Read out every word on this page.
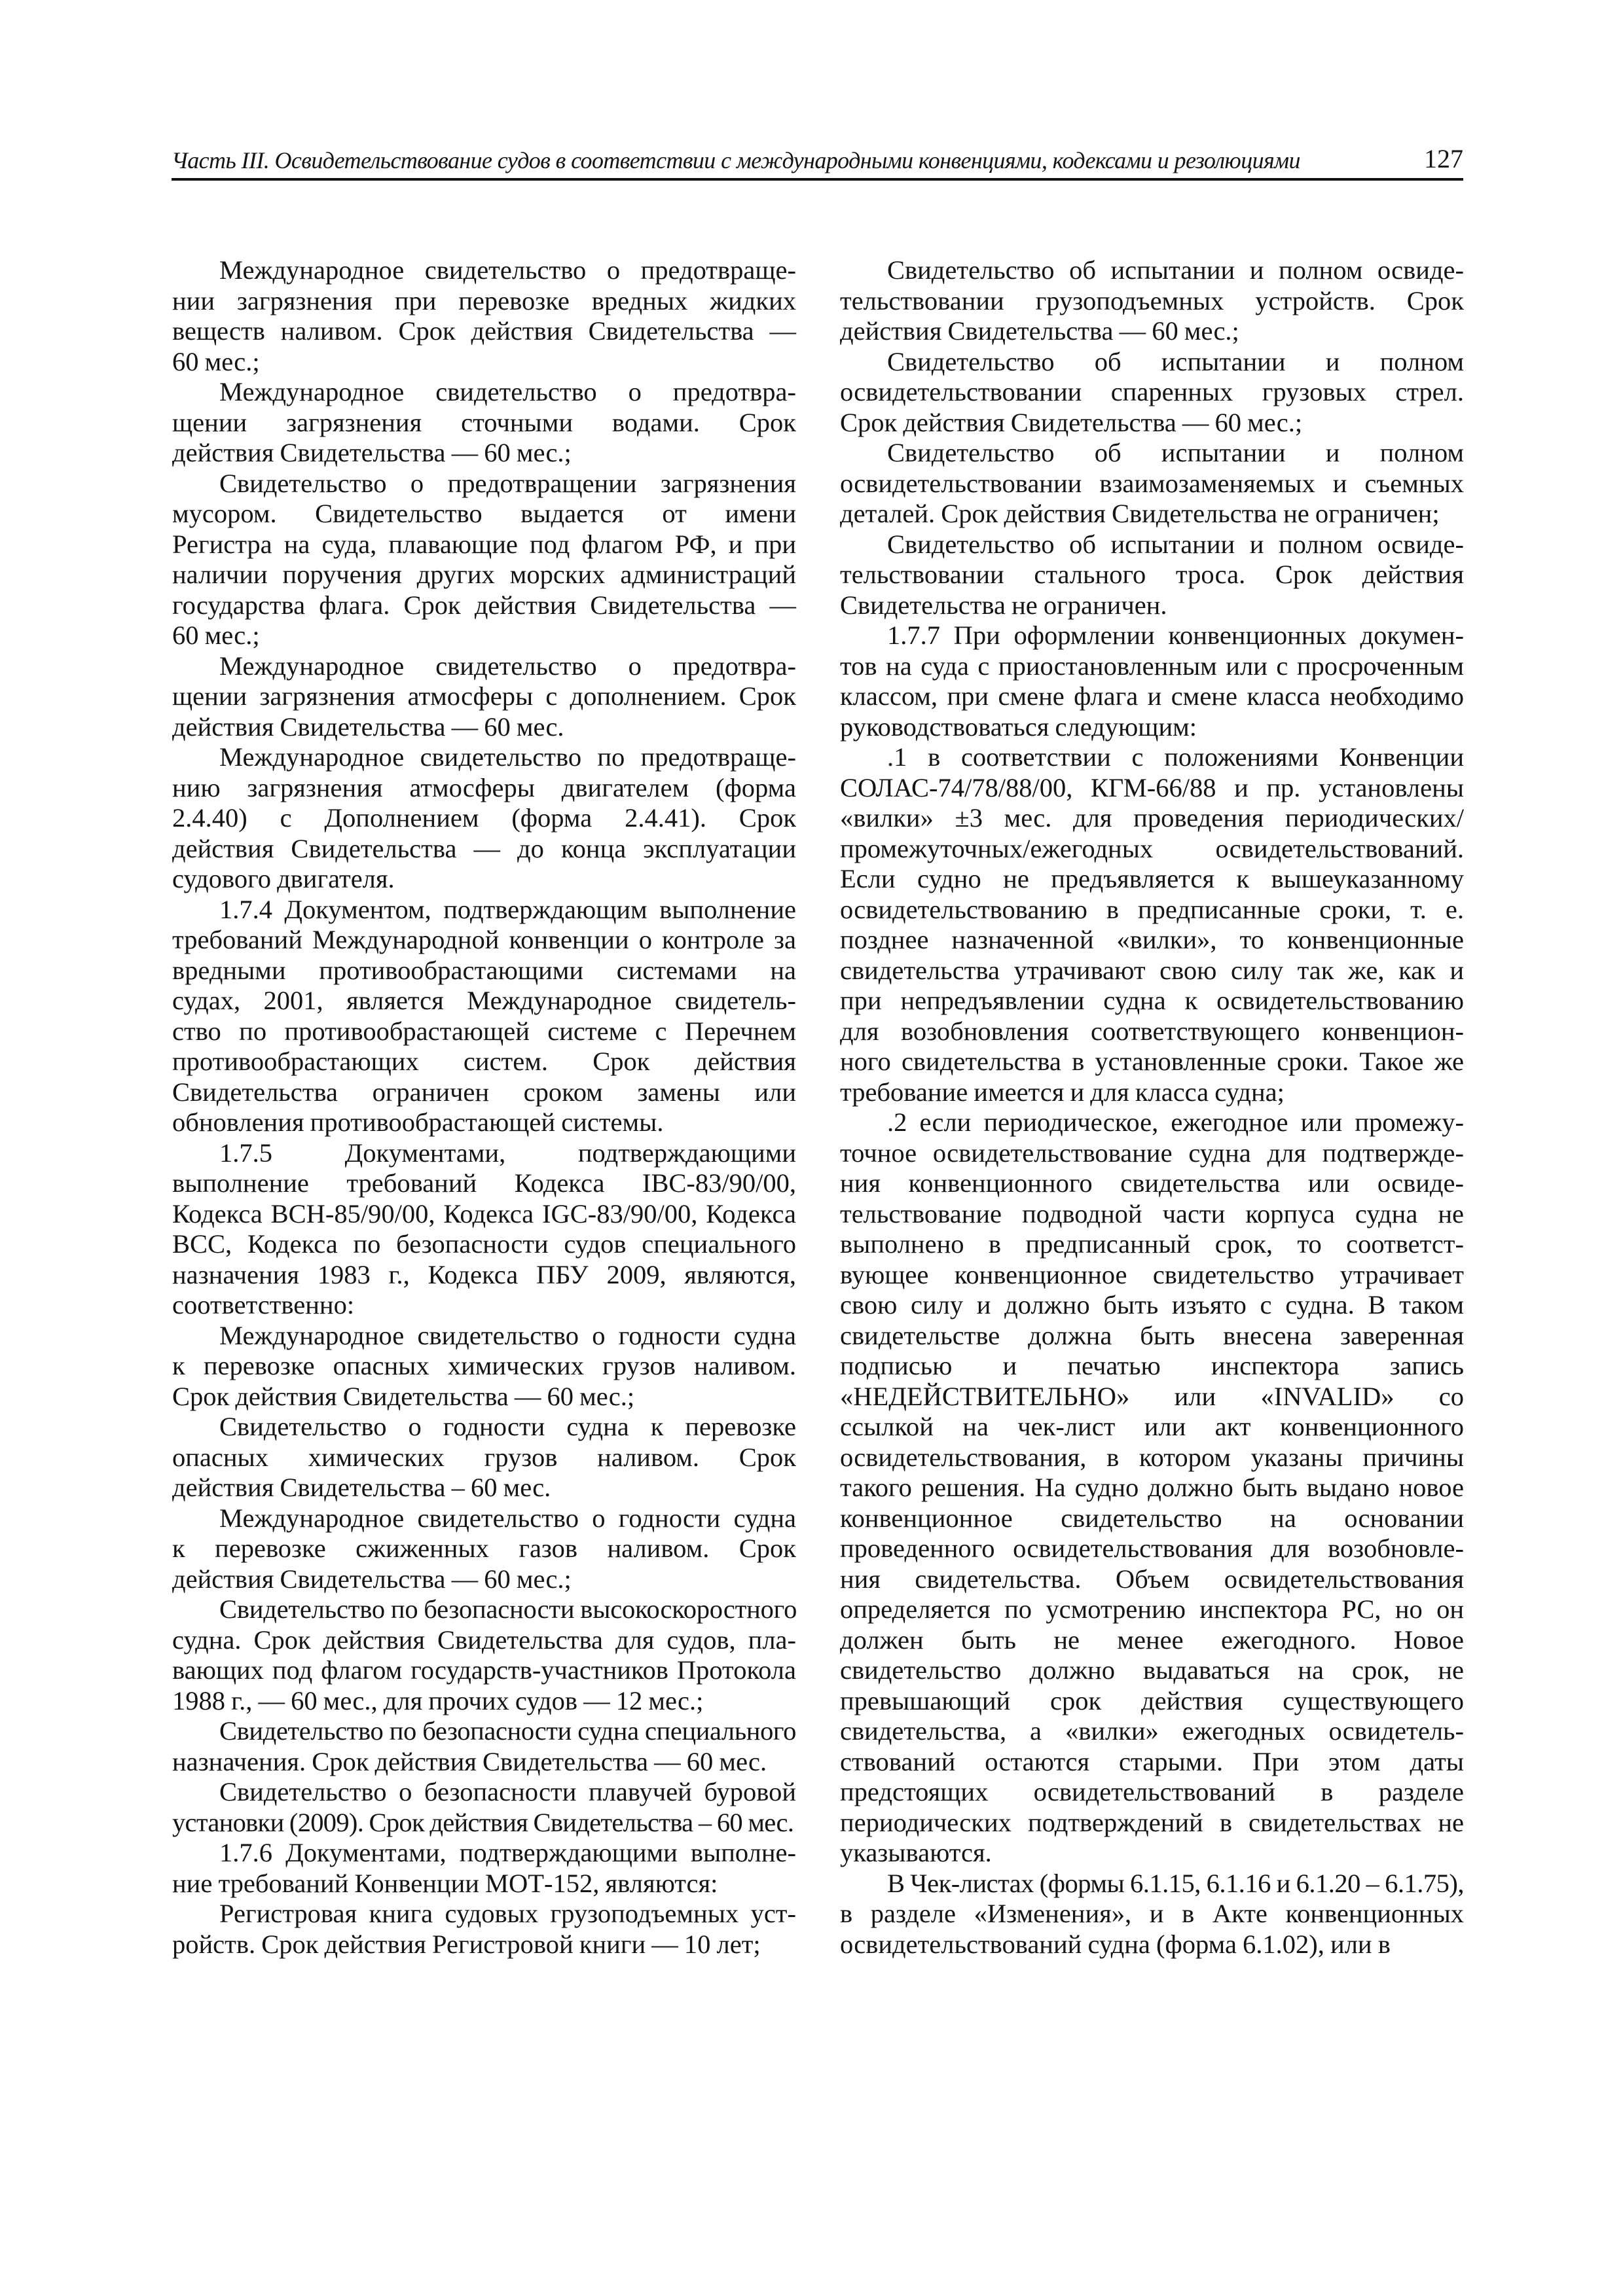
Часть III. Освидетельствование судов в соответствии с международными конвенциями, кодексами и резолюциями	127

Международное свидетельство о предотвраще-
нии загрязнения при перевозке вредных жидких
веществ наливом. Срок действия Свидетельства —
60 мес.;

Международное свидетельство о предотвра-
щении загрязнения сточными водами. Срок
действия Свидетельства — 60 мес.;

Свидетельство о предотвращении загрязнения
мусором. Свидетельство выдается от имени
Регистра на суда, плавающие под флагом РФ, и при
наличии поручения других морских администраций
государства флага. Срок действия Свидетельства —
60 мес.;

Международное свидетельство о предотвра-
щении загрязнения атмосферы с дополнением. Срок
действия Свидетельства — 60 мес.

Международное свидетельство по предотвраще-
нию загрязнения атмосферы двигателем (форма
2.4.40) с Дополнением (форма 2.4.41). Срок
действия Свидетельства — до конца эксплуатации
судового двигателя.

1.7.4 Документом, подтверждающим выполнение
требований Международной конвенции о контроле за
вредными противообрастающими системами на
судах, 2001, является Международное свидетель-
ство по противообрастающей системе с Перечнем
противообрастающих систем. Срок действия
Свидетельства ограничен сроком замены или
обновления противообрастающей системы.

1.7.5 Документами, подтверждающими
выполнение требований Кодекса IBC-83/90/00,
Кодекса ВСН-85/90/00, Кодекса IGC-83/90/00, Кодекса
ВСС, Кодекса по безопасности судов специального
назначения 1983 г., Кодекса ПБУ 2009, являются,
соответственно:

Международное свидетельство о годности судна
к перевозке опасных химических грузов наливом.
Срок действия Свидетельства — 60 мес.;

Свидетельство о годности судна к перевозке
опасных химических грузов наливом. Срок
действия Свидетельства – 60 мес.

Международное свидетельство о годности судна
к перевозке сжиженных газов наливом. Срок
действия Свидетельства — 60 мес.;

Свидетельство по безопасности высокоскоростного
судна. Срок действия Свидетельства для судов, пла-
вающих под флагом государств-участников Протокола
1988 г., — 60 мес., для прочих судов — 12 мес.;

Свидетельство по безопасности судна специального
назначения. Срок действия Свидетельства — 60 мес.

Свидетельство о безопасности плавучей буровой
установки (2009). Срок действия Свидетельства – 60 мес.

1.7.6 Документами, подтверждающими выполне-
ние требований Конвенции МОТ-152, являются:

Регистровая книга судовых грузоподъемных уст-
ройств. Срок действия Регистровой книги — 10 лет;

Свидетельство об испытании и полном освиде-
тельствовании грузоподъемных устройств. Срок
действия Свидетельства — 60 мес.;

Свидетельство об испытании и полном
освидетельствовании спаренных грузовых стрел.
Срок действия Свидетельства — 60 мес.;

Свидетельство об испытании и полном
освидетельствовании взаимозаменяемых и съемных
деталей. Срок действия Свидетельства не ограничен;

Свидетельство об испытании и полном освиде-
тельствовании стального троса. Срок действия
Свидетельства не ограничен.

1.7.7 При оформлении конвенционных докумен-
тов на суда с приостановленным или с просроченным
классом, при смене флага и смене класса необходимо
руководствоваться следующим:

.1 в соответствии с положениями Конвенции
СОЛАС-74/78/88/00, КГМ-66/88 и пр. установлены
«вилки» ±3 мес. для проведения периодических/
промежуточных/ежегодных освидетельствований.
Если судно не предъявляется к вышеуказанному
освидетельствованию в предписанные сроки, т. е.
позднее назначенной «вилки», то конвенционные
свидетельства утрачивают свою силу так же, как и
при непредъявлении судна к освидетельствованию
для возобновления соответствующего конвенцион-
ного свидетельства в установленные сроки. Такое же
требование имеется и для класса судна;

.2 если периодическое, ежегодное или промежу-
точное освидетельствование судна для подтвержде-
ния конвенционного свидетельства или освиде-
тельствование подводной части корпуса судна не
выполнено в предписанный срок, то соответст-
вующее конвенционное свидетельство утрачивает
свою силу и должно быть изъято с судна. В таком
свидетельстве должна быть внесена заверенная
подписью и печатью инспектора запись
«НЕДЕЙСТВИТЕЛЬНО» или «INVALID» со
ссылкой на чек-лист или акт конвенционного
освидетельствования, в котором указаны причины
такого решения. На судно должно быть выдано новое
конвенционное свидетельство на основании
проведенного освидетельствования для возобновле-
ния свидетельства. Объем освидетельствования
определяется по усмотрению инспектора РС, но он
должен быть не менее ежегодного. Новое
свидетельство должно выдаваться на срок, не
превышающий срок действия существующего
свидетельства, а «вилки» ежегодных освидетель-
ствований остаются старыми. При этом даты
предстоящих освидетельствований в разделе
периодических подтверждений в свидетельствах не
указываются.

В Чек-листах (формы 6.1.15, 6.1.16 и 6.1.20 – 6.1.75),
в разделе «Изменения», и в Акте конвенционных
освидетельствований судна (форма 6.1.02), или в
